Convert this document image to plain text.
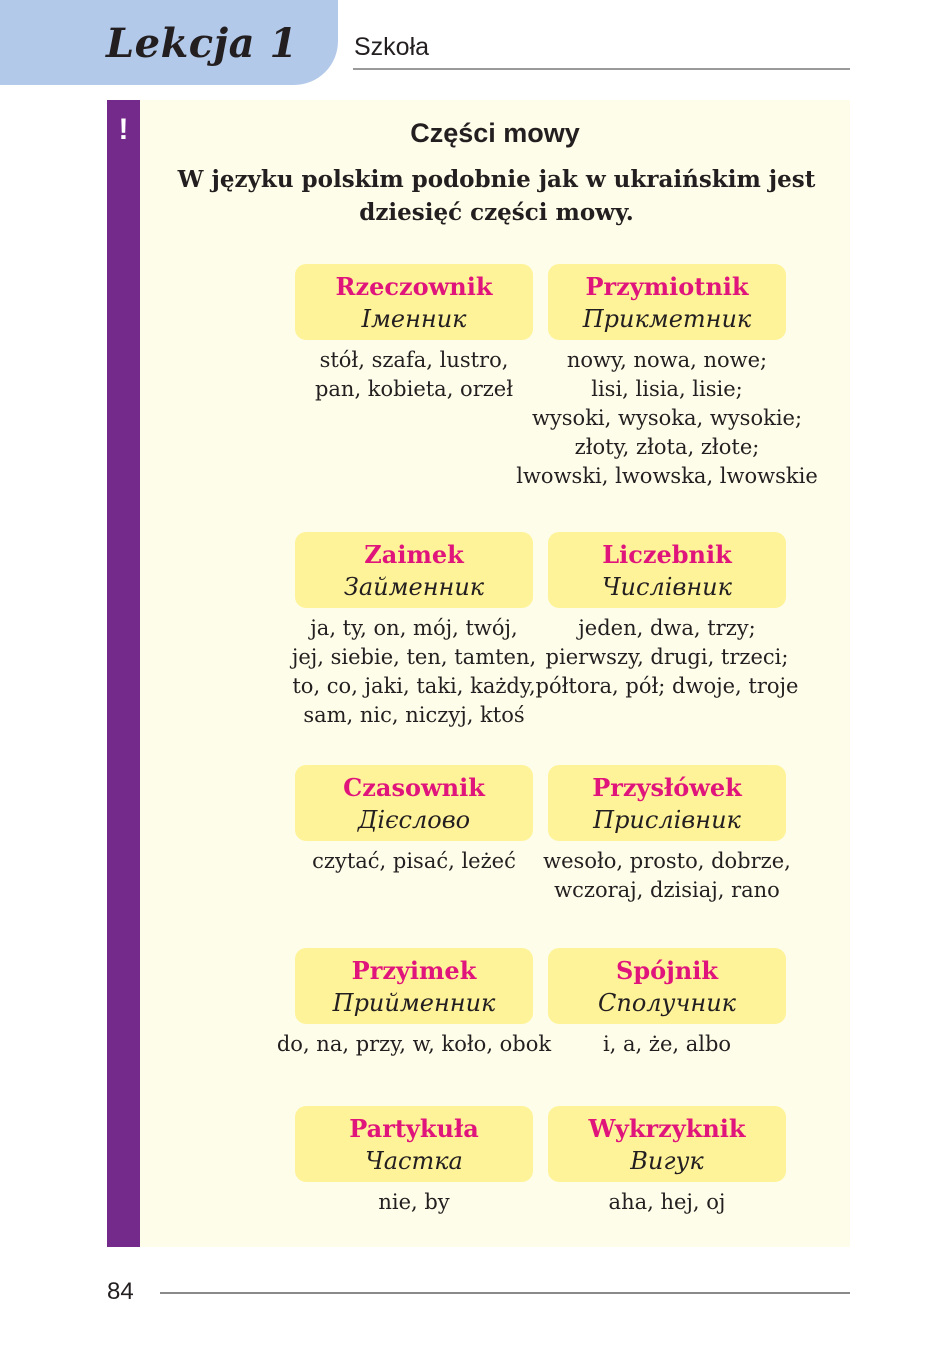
Lekcja 1 Szkoła
!	Części mowy

W języku polskim podobnie jak w ukraińskim jest dziesięć części mowy.

Rzeczownik
Іменник

stół, szafa, lustro,
pan, kobieta, orzeł

Przymiotnik
Прикметник

nowy, nowa, nowe;
lisi, lisia, lisie;
wysoki, wysoka, wysokie;
złoty, złota, złote;
lwowski, lwowska, lwowskie

Zaimek
Займенник

ja, ty, on, mój, twój,
jej, siebie, ten, tamten,
to, co, jaki, taki, każdy,
sam, nic, niczyj, ktoś

Liczebnik
Числівник

jeden, dwa, trzy;
pierwszy, drugi, trzeci;
półtora, pół; dwoje, troje

Czasownik
Дієслово

czytać, pisać, leżeć

Przysłówek
Прислівник

wesoło, prosto, dobrze,
wczoraj, dzisiaj, rano

Przyimek
Прийменник

do, na, przy, w, koło, obok

Spójnik
Сполучник

i, a, że, albo

Partykuła
Частка

nie, by

Wykrzyknik
Вигук

aha, hej, oj

84
